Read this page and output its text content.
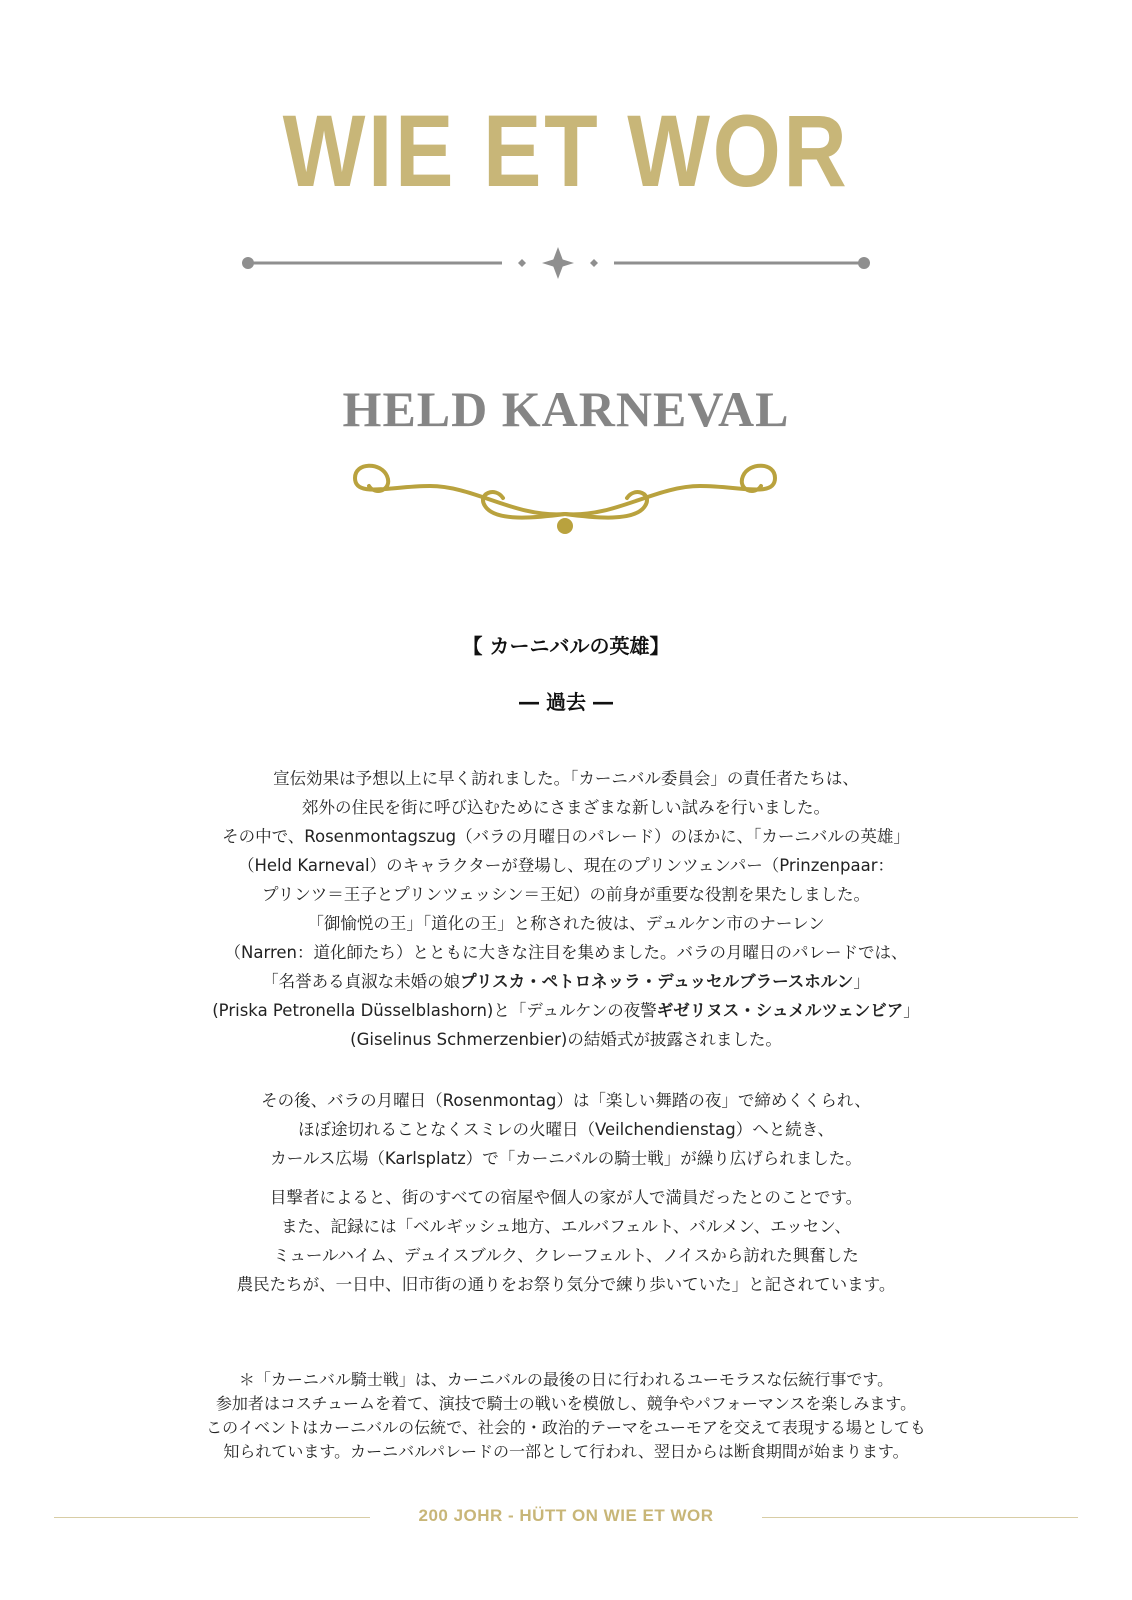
WIE ET WOR
HELD KARNEVAL
【 カーニバルの英雄】
― 過去 ―
宣伝効果は予想以上に早く訪れました。「カーニバル委員会」の責任者たちは、
郊外の住民を街に呼び込むためにさまざまな新しい試みを行いました。
その中で、Rosenmontagszug（バラの月曜日のパレード）のほかに、「カーニバルの英雄」
（Held Karneval）のキャラクターが登場し、現在のプリンツェンパー（Prinzenpaar：
プリンツ＝王子とプリンツェッシン＝王妃）の前身が重要な役割を果たしました。
「御愉悦の王」「道化の王」と称された彼は、デュルケン市のナーレン
（Narren：道化師たち）とともに大きな注目を集めました。バラの月曜日のパレードでは、
「名誉ある貞淑な未婚の娘プリスカ・ペトロネッラ・デュッセルブラースホルン」
(Priska Petronella Düsselblashorn)と「デュルケンの夜警ギゼリヌス・シュメルツェンビア」
(Giselinus Schmerzenbier)の結婚式が披露されました。
その後、バラの月曜日（Rosenmontag）は「楽しい舞踏の夜」で締めくくられ、
ほぼ途切れることなくスミレの火曜日（Veilchendienstag）へと続き、
カールス広場（Karlsplatz）で「カーニバルの騎士戦」が繰り広げられました。
目撃者によると、街のすべての宿屋や個人の家が人で満員だったとのことです。
また、記録には「ベルギッシュ地方、エルバフェルト、バルメン、エッセン、
ミュールハイム、デュイスブルク、クレーフェルト、ノイスから訪れた興奮した
農民たちが、一日中、旧市街の通りをお祭り気分で練り歩いていた」と記されています。
＊「カーニバル騎士戦」は、カーニバルの最後の日に行われるユーモラスな伝統行事です。
参加者はコスチュームを着て、演技で騎士の戦いを模倣し、競争やパフォーマンスを楽しみます。
このイベントはカーニバルの伝統で、社会的・政治的テーマをユーモアを交えて表現する場としても
知られています。カーニバルパレードの一部として行われ、翌日からは断食期間が始まります。
200 JOHR - HÜTT ON WIE ET WOR
